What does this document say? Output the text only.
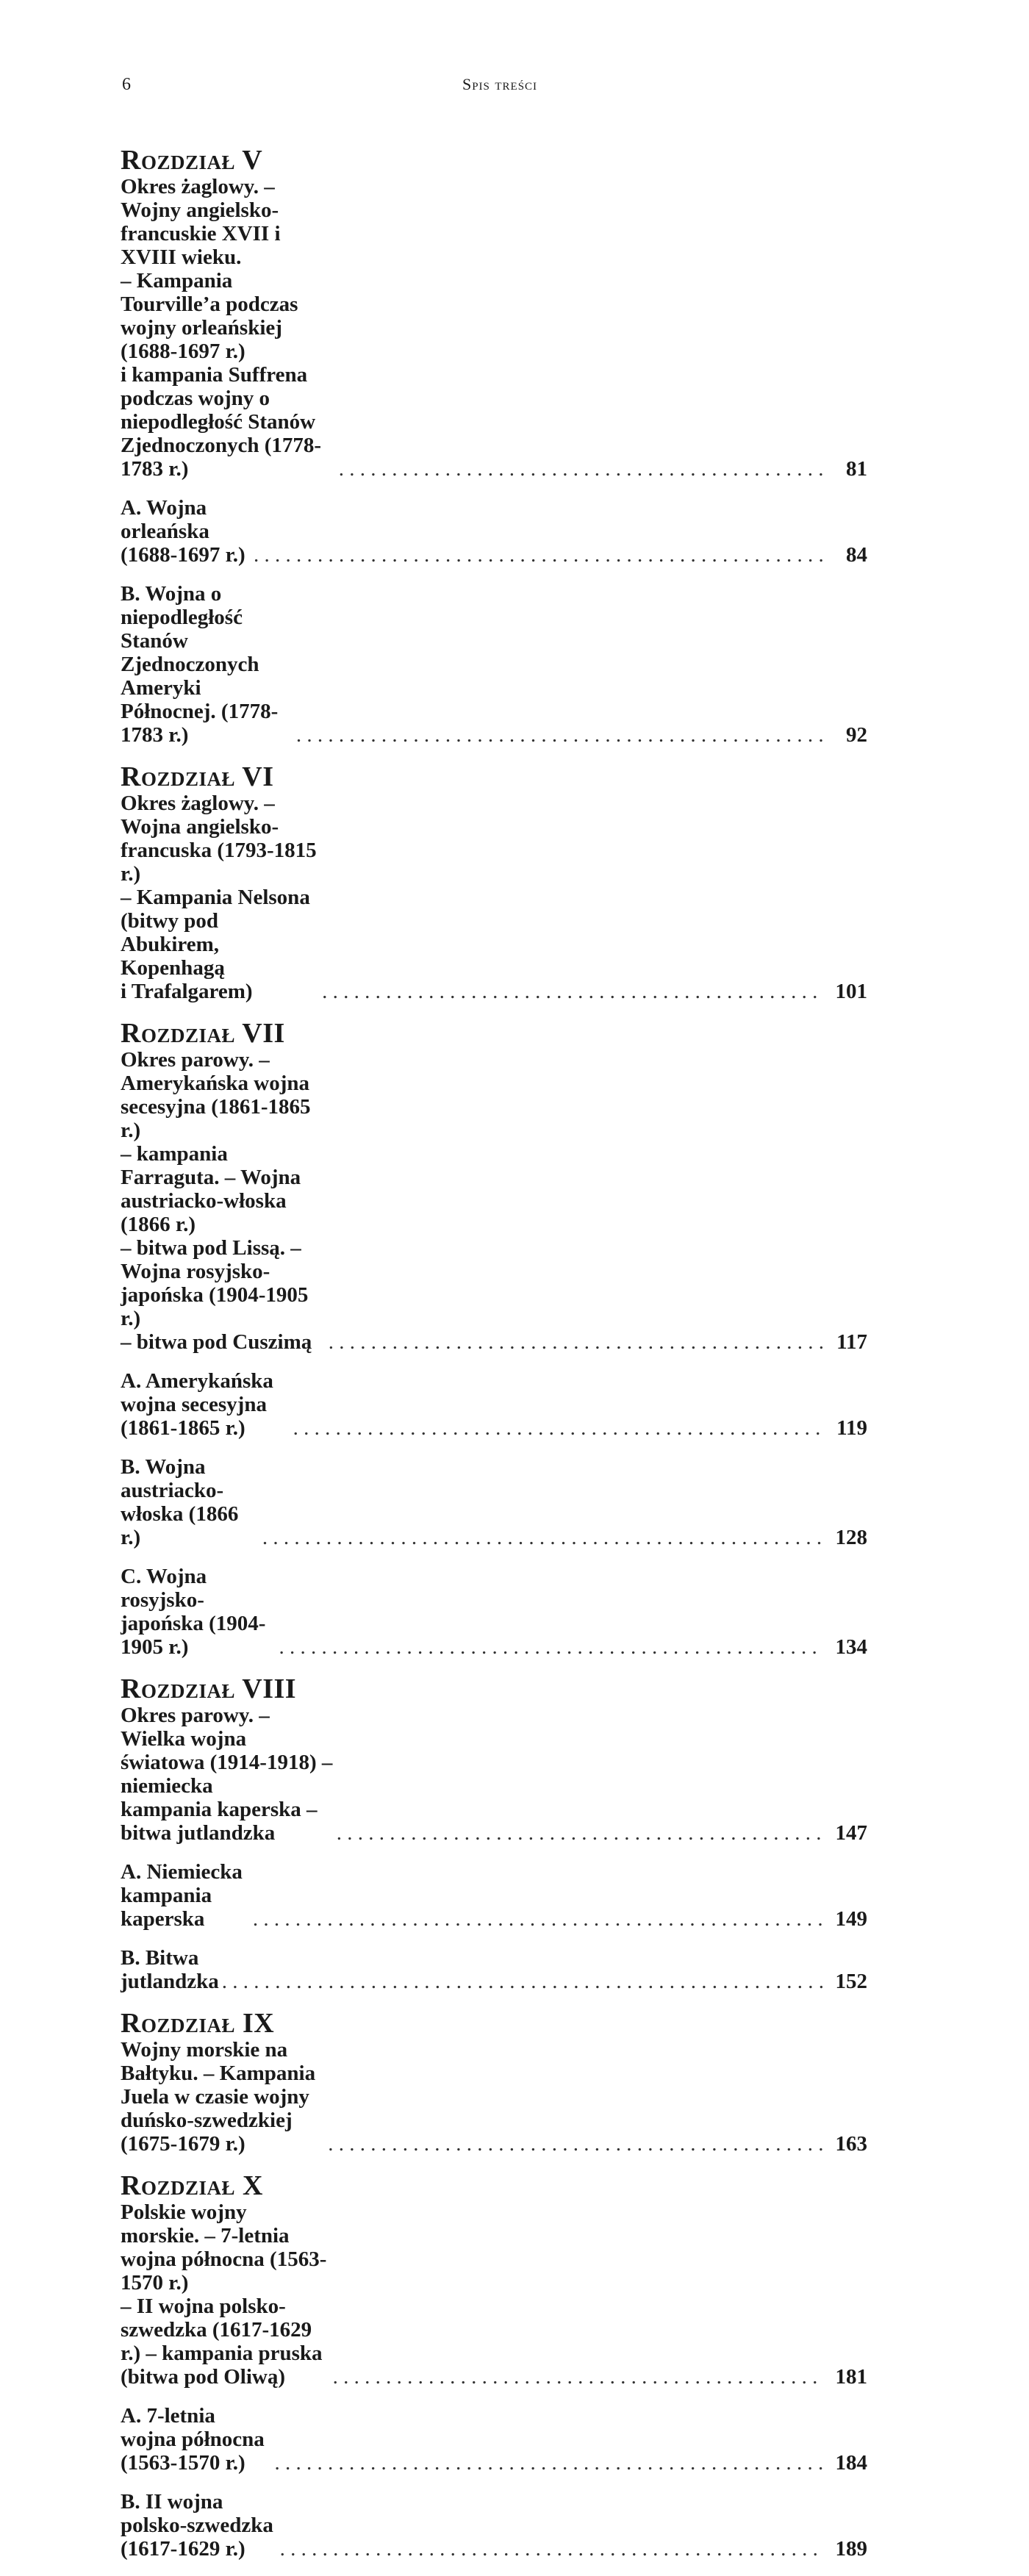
6	Spis treści
Rozdział V
Okres żaglowy. – Wojny angielsko-francuskie XVII i XVIII wieku.
– Kampania Tourville’a podczas wojny orleańskiej (1688-1697 r.)
i kampania Suffrena podczas wojny o niepodległość Stanów
Zjednoczonych (1778-1783 r.) . . .	81
A. Wojna orleańska (1688-1697 r.) . . .	84
B. Wojna o niepodległość Stanów Zjednoczonych
Ameryki Północnej. (1778-1783 r.) . . .	92
Rozdział VI
Okres żaglowy. – Wojna angielsko-francuska (1793-1815 r.)
– Kampania Nelsona (bitwy pod Abukirem, Kopenhagą
i Trafalgarem) . . .	101
Rozdział VII
Okres parowy. – Amerykańska wojna secesyjna (1861-1865 r.)
– kampania Farraguta. – Wojna austriacko-włoska (1866 r.)
– bitwa pod Lissą. – Wojna rosyjsko-japońska (1904-1905 r.)
– bitwa pod Cuszimą . . .	117
A. Amerykańska wojna secesyjna (1861-1865 r.) . . .	119
B. Wojna austriacko-włoska (1866 r.) . . .	128
C. Wojna rosyjsko-japońska (1904-1905 r.) . . .	134
Rozdział VIII
Okres parowy. – Wielka wojna światowa (1914-1918) – niemiecka
kampania kaperska – bitwa jutlandzka . . .	147
A. Niemiecka kampania kaperska . . .	149
B. Bitwa jutlandzka . . .	152
Rozdział IX
Wojny morskie na Bałtyku. – Kampania Juela w czasie wojny
duńsko-szwedzkiej (1675-1679 r.) . . .	163
Rozdział X
Polskie wojny morskie. – 7-letnia wojna północna (1563-1570 r.)
– II wojna polsko-szwedzka (1617-1629 r.) – kampania pruska
(bitwa pod Oliwą) . . .	181
A. 7-letnia wojna północna (1563-1570 r.) . . .	184
B. II wojna polsko-szwedzka (1617-1629 r.) . . .	189
